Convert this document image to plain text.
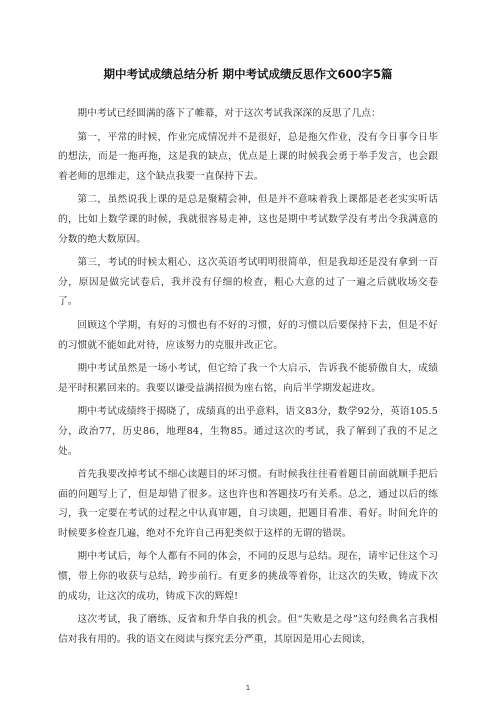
期中考试成绩总结分析 期中考试成绩反思作文600字5篇

期中考试已经圆满的落下了帷幕，对于这次考试我深深的反思了几点：

第一，平常的时候，作业完成情况并不是很好，总是拖欠作业，没有今日事今日毕的想法，而是一拖再拖，这是我的缺点，优点是上课的时候我会勇于举手发言，也会跟着老师的思维走，这个缺点我要一直保持下去。

第二，虽然说我上课的是总是聚精会神，但是并不意味着我上课都是老老实实听话的，比如上数学课的时候，我就很容易走神，这也是期中考试数学没有考出令我满意的分数的绝大数原因。

第三，考试的时候太粗心、这次英语考试明明很简单，但是我却还是没有拿到一百分，原因是做完试卷后，我并没有仔细的检查，粗心大意的过了一遍之后就收场交卷了。

回顾这个学期，有好的习惯也有不好的习惯，好的习惯以后要保持下去，但是不好的习惯就不能如此对待，应该努力的克服并改正它。

期中考试虽然是一场小考试，但它给了我一个大启示，告诉我不能骄傲自大，成绩是平时积累回来的。我要以谦受益满招损为座右铭，向后半学期发起进攻。

期中考试成绩终于揭晓了，成绩真的出乎意料，语文83分，数学92分，英语105.5分，政治77，历史86，地理84，生物85。通过这次的考试，我了解到了我的不足之处。

首先我要改掉考试不细心读题目的坏习惯。有时候我往往看着题目前面就顺手把后面的问题写上了，但是却错了很多。这也许也和答题技巧有关系。总之，通过以后的练习，我一定要在考试的过程之中认真审题，自习读题，把题目看准、看好。时间允许的时候要多检查几遍，绝对不允许自己再犯类似于这样的无谓的错误。

期中考试后，每个人都有不同的体会，不同的反思与总结。现在，请牢记住这个习惯，带上你的收获与总结，跨步前行。有更多的挑战等着你，让这次的失败，铸成下次的成功，让这次的成功，铸成下次的辉煌!

这次考试，我了磨练、反省和升华自我的机会。但“失败是之母”这句经典名言我相信对我有用的。我的语文在阅读与探究丢分严重，其原因是用心去阅读，

1
